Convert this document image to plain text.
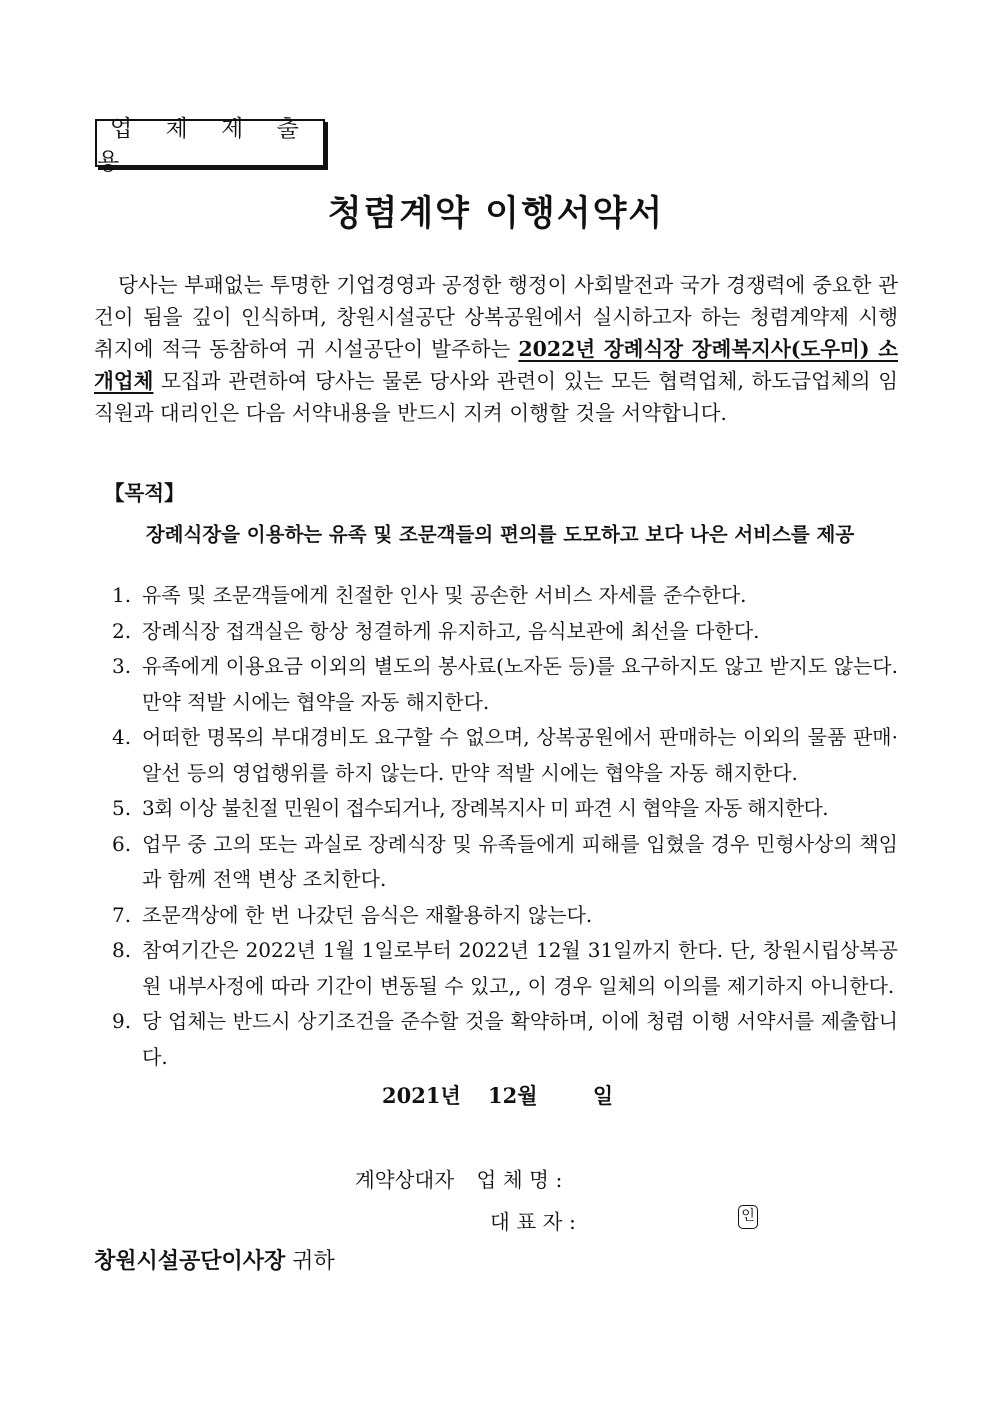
업 체 제 출 용
청렴계약 이행서약서

당사는 부패없는 투명한 기업경영과 공정한 행정이 사회발전과 국가 경쟁력에 중요한 관건이 됨을 깊이 인식하며, 창원시설공단 상복공원에서 실시하고자 하는 청렴계약제 시행 취지에 적극 동참하여 귀 시설공단이 발주하는 2022년 장례식장 장례복지사(도우미) 소개업체 모집과 관련하여 당사는 물론 당사와 관련이 있는 모든 협력업체, 하도급업체의 임직원과 대리인은 다음 서약내용을 반드시 지켜 이행할 것을 서약합니다.

【목적】
장례식장을 이용하는 유족 및 조문객들의 편의를 도모하고 보다 나은 서비스를 제공
1. 유족 및 조문객들에게 친절한 인사 및 공손한 서비스 자세를 준수한다.
2. 장례식장 접객실은 항상 청결하게 유지하고, 음식보관에 최선을 다한다.
3. 유족에게 이용요금 이외의 별도의 봉사료(노자돈 등)를 요구하지도 않고 받지도 않는다. 만약 적발 시에는 협약을 자동 해지한다.
4. 어떠한 명목의 부대경비도 요구할 수 없으며, 상복공원에서 판매하는 이외의 물품 판매·알선 등의 영업행위를 하지 않는다. 만약 적발 시에는 협약을 자동 해지한다.
5. 3회 이상 불친절 민원이 접수되거나, 장례복지사 미 파견 시 협약을 자동 해지한다.
6. 업무 중 고의 또는 과실로 장례식장 및 유족들에게 피해를 입혔을 경우 민형사상의 책임과 함께 전액 변상 조치한다.
7. 조문객상에 한 번 나갔던 음식은 재활용하지 않는다.
8. 참여기간은 2022년 1월 1일로부터 2022년 12월 31일까지 한다. 단, 창원시립상복공원 내부사정에 따라 기간이 변동될 수 있고,, 이 경우 일체의 이의를 제기하지 아니한다.
9. 당 업체는 반드시 상기조건을 준수할 것을 확약하며, 이에 청렴 이행 서약서를 제출합니다.
2021년 12월	일
계약상대자 업 체 명 :
대 표 자 :	인
창원시설공단이사장 귀하
